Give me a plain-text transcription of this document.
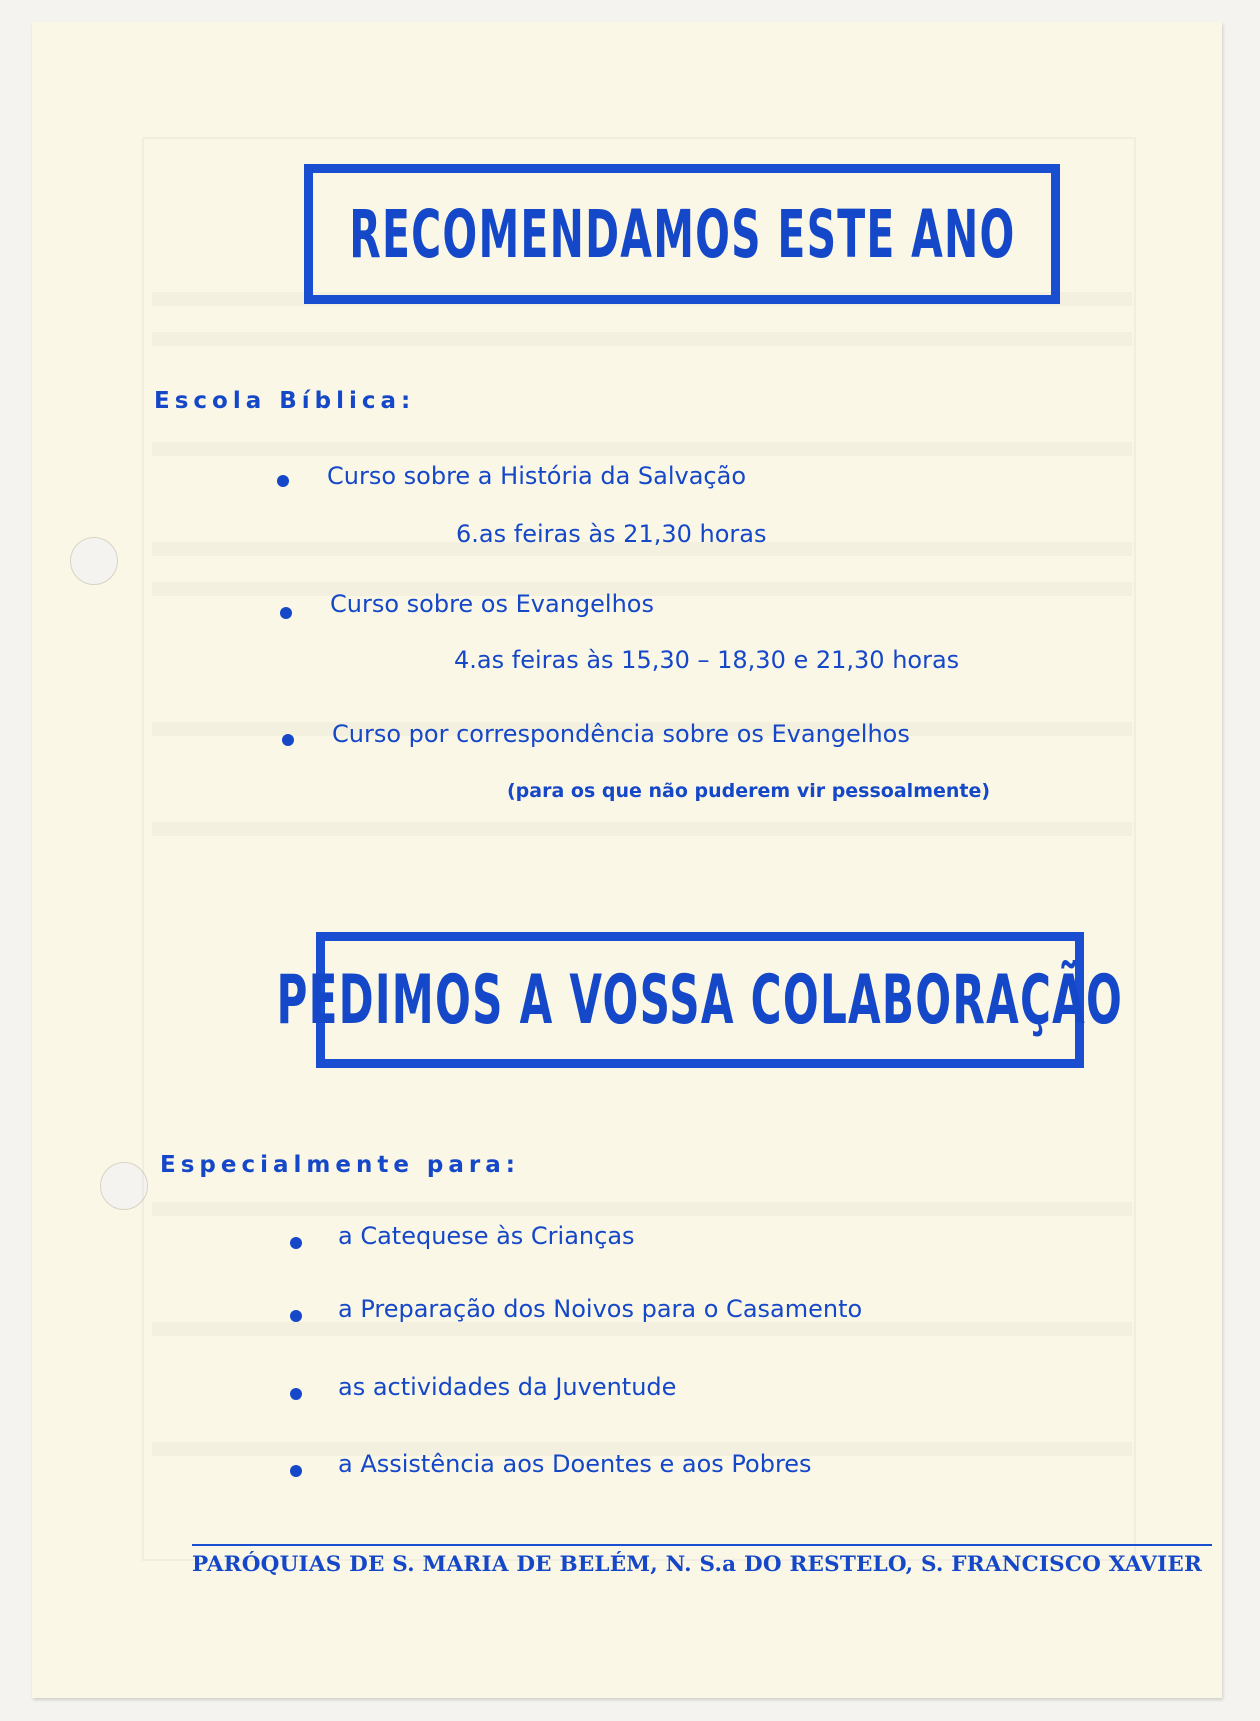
RECOMENDAMOS ESTE ANO
Escola Bíblica:
Curso sobre a História da Salvação
6.as feiras às 21,30 horas
Curso sobre os Evangelhos
4.as feiras às 15,30 – 18,30 e 21,30 horas
Curso por correspondência sobre os Evangelhos
(para os que não puderem vir pessoalmente)
PEDIMOS A VOSSA COLABORAÇÃO
Especialmente para:
a Catequese às Crianças
a Preparação dos Noivos para o Casamento
as actividades da Juventude
a Assistência aos Doentes e aos Pobres
PARÓQUIAS DE S. MARIA DE BELÉM, N. S.a DO RESTELO, S. FRANCISCO XAVIER
